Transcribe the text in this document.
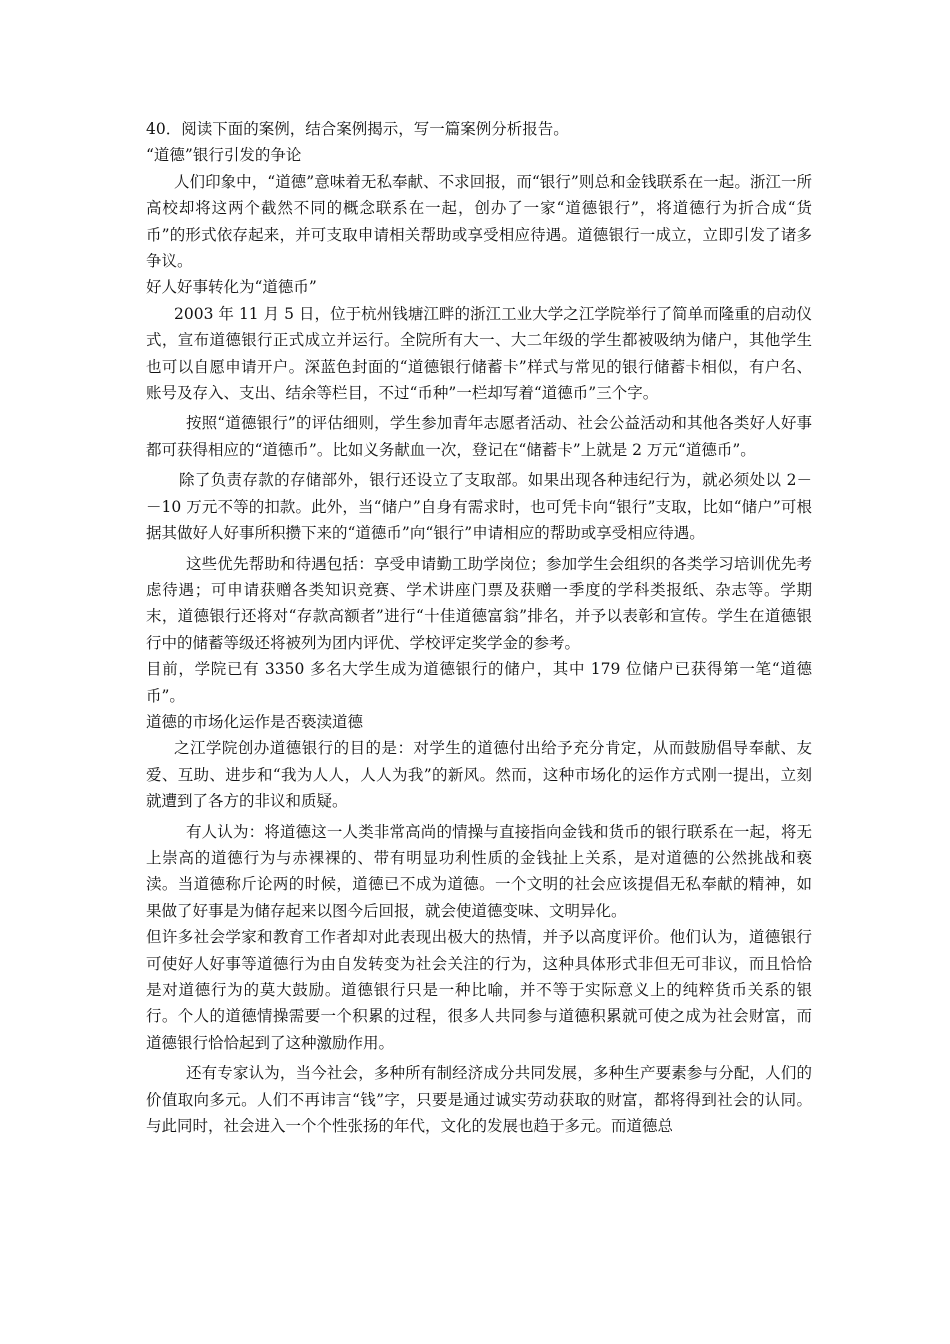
40．阅读下面的案例，结合案例揭示，写一篇案例分析报告。

“道德”银行引发的争论

人们印象中，“道德”意味着无私奉献、不求回报，而“银行”则总和金钱联系在一起。浙江一所高校却将这两个截然不同的概念联系在一起，创办了一家“道德银行”，将道德行为折合成“货币”的形式依存起来，并可支取申请相关帮助或享受相应待遇。道德银行一成立，立即引发了诸多争议。

好人好事转化为“道德币”

2003 年 11 月 5 日，位于杭州钱塘江畔的浙江工业大学之江学院举行了简单而隆重的启动仪式，宣布道德银行正式成立并运行。全院所有大一、大二年级的学生都被吸纳为储户，其他学生也可以自愿申请开户。深蓝色封面的“道德银行储蓄卡”样式与常见的银行储蓄卡相似，有户名、账号及存入、支出、结余等栏目，不过“币种”一栏却写着“道德币”三个字。

按照“道德银行”的评估细则，学生参加青年志愿者活动、社会公益活动和其他各类好人好事都可获得相应的“道德币”。比如义务献血一次，登记在“储蓄卡”上就是 2 万元“道德币”。

除了负责存款的存储部外，银行还设立了支取部。如果出现各种违纪行为，就必须处以 2－－10 万元不等的扣款。此外，当“储户”自身有需求时，也可凭卡向“银行”支取，比如“储户”可根据其做好人好事所积攒下来的“道德币”向“银行”申请相应的帮助或享受相应待遇。

这些优先帮助和待遇包括：享受申请勤工助学岗位；参加学生会组织的各类学习培训优先考虑待遇；可申请获赠各类知识竞赛、学术讲座门票及获赠一季度的学科类报纸、杂志等。学期末，道德银行还将对“存款高额者”进行“十佳道德富翁”排名，并予以表彰和宣传。学生在道德银行中的储蓄等级还将被列为团内评优、学校评定奖学金的参考。

目前，学院已有 3350 多名大学生成为道德银行的储户，其中 179 位储户已获得第一笔“道德币”。

道德的市场化运作是否亵渎道德

之江学院创办道德银行的目的是：对学生的道德付出给予充分肯定，从而鼓励倡导奉献、友爱、互助、进步和“我为人人，人人为我”的新风。然而，这种市场化的运作方式刚一提出，立刻就遭到了各方的非议和质疑。

有人认为：将道德这一人类非常高尚的情操与直接指向金钱和货币的银行联系在一起，将无上崇高的道德行为与赤裸裸的、带有明显功利性质的金钱扯上关系，是对道德的公然挑战和亵渎。当道德称斤论两的时候，道德已不成为道德。一个文明的社会应该提倡无私奉献的精神，如果做了好事是为储存起来以图今后回报，就会使道德变味、文明异化。

但许多社会学家和教育工作者却对此表现出极大的热情，并予以高度评价。他们认为，道德银行可使好人好事等道德行为由自发转变为社会关注的行为，这种具体形式非但无可非议，而且恰恰是对道德行为的莫大鼓励。道德银行只是一种比喻，并不等于实际意义上的纯粹货币关系的银行。个人的道德情操需要一个积累的过程，很多人共同参与道德积累就可使之成为社会财富，而道德银行恰恰起到了这种激励作用。

还有专家认为，当今社会，多种所有制经济成分共同发展，多种生产要素参与分配，人们的价值取向多元。人们不再讳言“钱”字，只要是通过诚实劳动获取的财富，都将得到社会的认同。与此同时，社会进入一个个性张扬的年代，文化的发展也趋于多元。而道德总
